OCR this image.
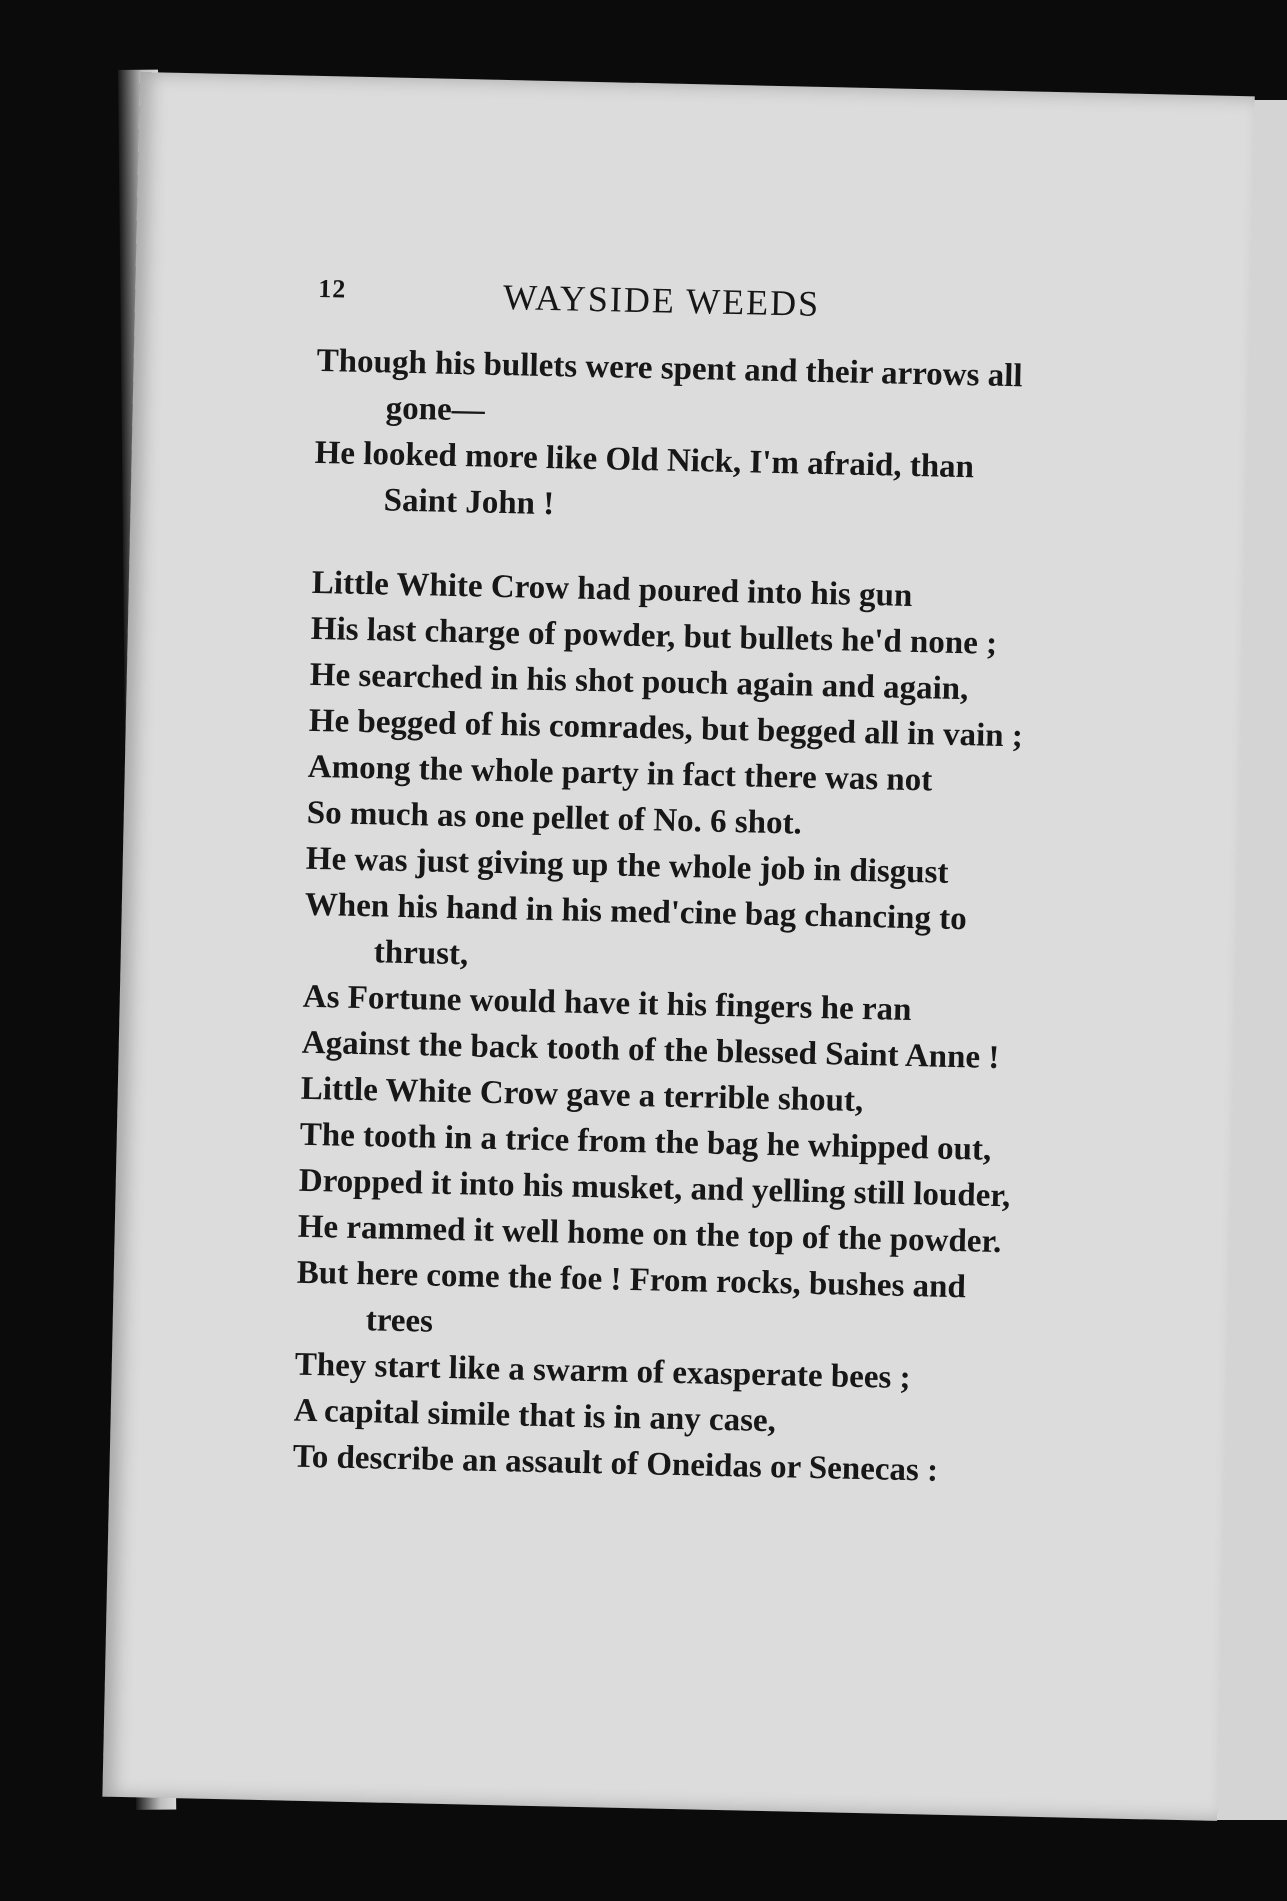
12	WAYSIDE WEEDS
Though his bullets were spent and their arrows all
gone—
He looked more like Old Nick, I'm afraid, than
Saint John !
Little White Crow had poured into his gun
His last charge of powder, but bullets he'd none ;
He searched in his shot pouch again and again,
He begged of his comrades, but begged all in vain ;
Among the whole party in fact there was not
So much as one pellet of No. 6 shot.
He was just giving up the whole job in disgust
When his hand in his med'cine bag chancing to
thrust,
As Fortune would have it his fingers he ran
Against the back tooth of the blessed Saint Anne !
Little White Crow gave a terrible shout,
The tooth in a trice from the bag he whipped out,
Dropped it into his musket, and yelling still louder,
He rammed it well home on the top of the powder.
But here come the foe ! From rocks, bushes and
trees
They start like a swarm of exasperate bees ;
A capital simile that is in any case,
To describe an assault of Oneidas or Senecas :
